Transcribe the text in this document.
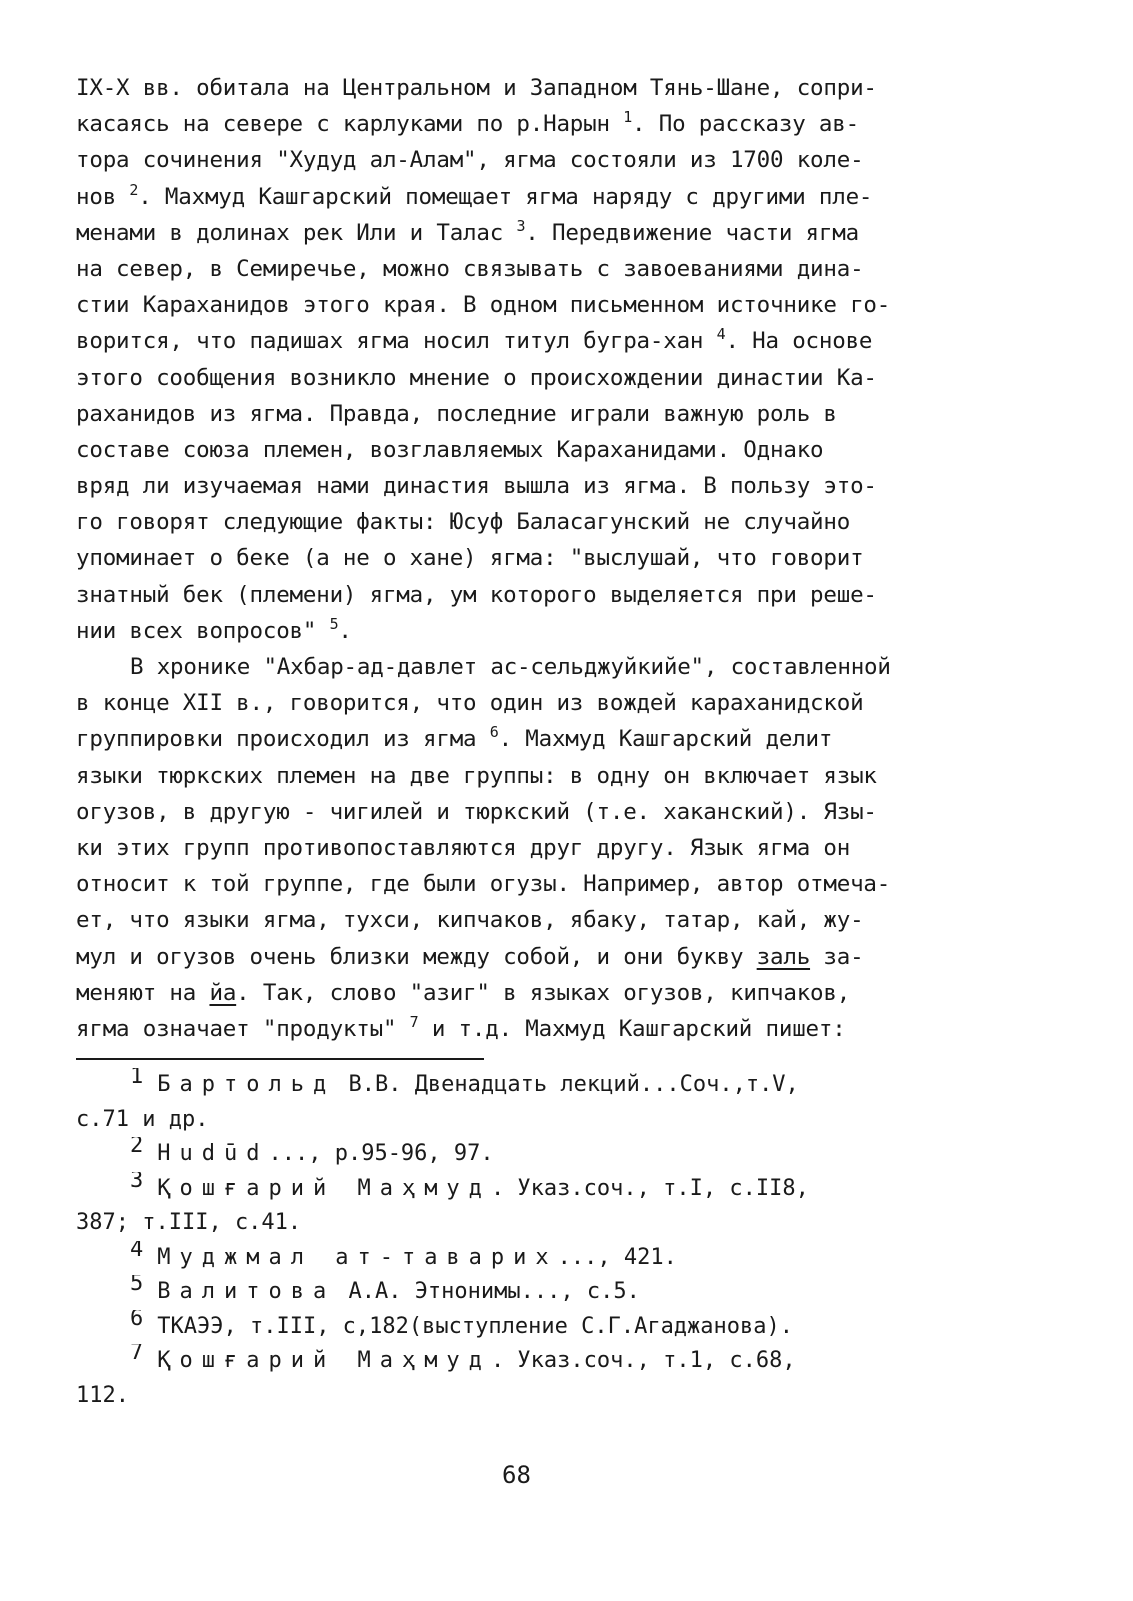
IX-X вв. обитала на Центральном и Западном Тянь-Шане, сопри-
касаясь на севере с карлуками по р.Нарын $^1$. По рассказу ав-
тора сочинения "Худуд ал-Алам", ягма состояли из 1700 коле-
нов $^2$. Махмуд Кашгарский помещает ягма наряду с другими пле-
менами в долинах рек Или и Талас $^3$. Передвижение части ягма
на север, в Семиречье, можно связывать с завоеваниями дина-
стии Караханидов этого края. В одном письменном источнике го-
ворится, что падишах ягма носил титул бугра-хан $^4$. На основе
этого сообщения возникло мнение о происхождении династии Ка-
раханидов из ягма. Правда, последние играли важную роль в
составе союза племен, возглавляемых Караханидами. Однако
вряд ли изучаемая нами династия вышла из ягма. В пользу это-
го говорят следующие факты: Юсуф Баласагунский не случайно
упоминает о беке (а не о хане) ягма: "выслушай, что говорит
знатный бек (племени) ягма, ум которого выделяется при реше-
нии всех вопросов" $^5$.
В хронике "Ахбар-ад-давлет ас-сельджуйкийе", составленной
в конце XII в., говорится, что один из вождей караханидской
группировки происходил из ягма $^6$. Махмуд Кашгарский делит
языки тюркских племен на две группы: в одну он включает язык
огузов, в другую - чигилей и тюркский (т.е. хаканский). Язы-
ки этих групп противопоставляются друг другу. Язык ягма он
относит к той группе, где были огузы. Например, автор отмеча-
ет, что языки ягма, тухси, кипчаков, ябаку, татар, кай, жу-
мул и огузов очень близки между собой, и они букву заль за-
меняют на йа. Так, слово "азиг" в языках огузов, кипчаков,
ягма означает "продукты" $^7$ и т.д. Махмуд Кашгарский пишет:
1 Бартольд В.В. Двенадцать лекций...Соч.,т.V,
с.71 и др.
2 Hudūd..., p.95-96, 97.
3 Қошғарий Маҳмуд. Указ.соч., т.I, с.II8,
387; т.III, с.41.
4 Муджмал ат-таварих..., 421.
5 Валитова А.А. Этнонимы..., с.5.
6 ТКАЭЭ, т.III, с,182(выступление С.Г.Агаджанова).
7 Қошғарий Маҳмуд. Указ.соч., т.1, с.68,
112.
68
